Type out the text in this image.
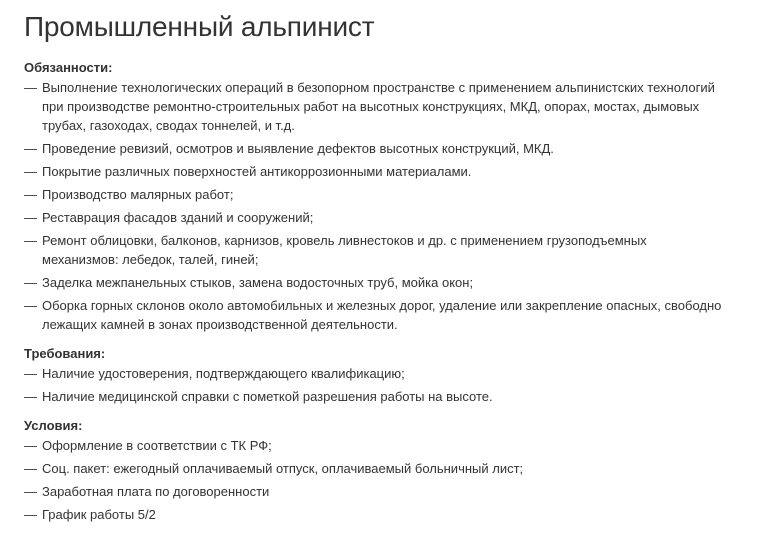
Промышленный альпинист
Обязанности:
— Выполнение технологических операций в безопорном пространстве с применением альпинистских технологий при производстве ремонтно-строительных работ на высотных конструкциях, МКД, опорах, мостах, дымовых трубах, газоходах, сводах тоннелей, и т.д.
— Проведение ревизий, осмотров и выявление дефектов высотных конструкций, МКД.
— Покрытие различных поверхностей антикоррозионными материалами.
— Производство малярных работ;
— Реставрация фасадов зданий и сооружений;
— Ремонт облицовки, балконов, карнизов, кровель ливнестоков и др. с применением грузоподъемных механизмов: лебедок, талей, гиней;
— Заделка межпанельных стыков, замена водосточных труб, мойка окон;
— Оборка горных склонов около автомобильных и железных дорог, удаление или закрепление опасных, свободно лежащих камней в зонах производственной деятельности.
Требования:
— Наличие удостоверения, подтверждающего квалификацию;
— Наличие медицинской справки с пометкой разрешения работы на высоте.
Условия:
— Оформление в соответствии с ТК РФ;
— Соц. пакет: ежегодный оплачиваемый отпуск, оплачиваемый больничный лист;
— Заработная плата по договоренности
— График работы 5/2
